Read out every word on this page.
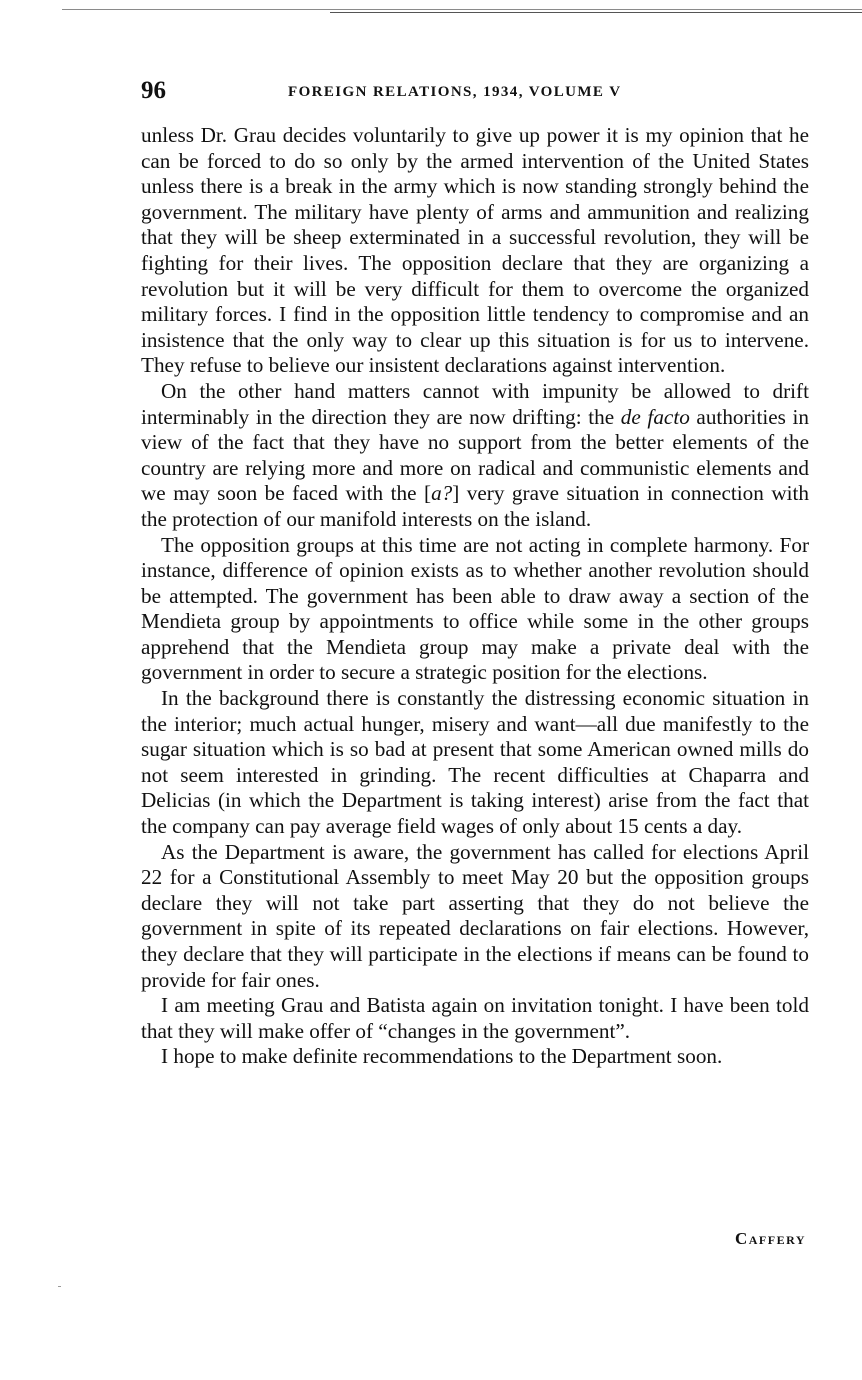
96	FOREIGN RELATIONS, 1934, VOLUME V

unless Dr. Grau decides voluntarily to give up power it is my opinion that he can be forced to do so only by the armed intervention of the United States unless there is a break in the army which is now standing strongly behind the government. The military have plenty of arms and ammunition and realizing that they will be sheep exterminated in a successful revolution, they will be fighting for their lives. The opposition declare that they are organizing a revolution but it will be very difficult for them to overcome the organized military forces. I find in the opposition little tendency to compromise and an insistence that the only way to clear up this situation is for us to intervene. They refuse to believe our insistent declarations against intervention.

On the other hand matters cannot with impunity be allowed to drift interminably in the direction they are now drifting: the de facto authorities in view of the fact that they have no support from the better elements of the country are relying more and more on radical and communistic elements and we may soon be faced with the [a?] very grave situation in connection with the protection of our manifold interests on the island.

The opposition groups at this time are not acting in complete harmony. For instance, difference of opinion exists as to whether another revolution should be attempted. The government has been able to draw away a section of the Mendieta group by appointments to office while some in the other groups apprehend that the Mendieta group may make a private deal with the government in order to secure a strategic position for the elections.

In the background there is constantly the distressing economic situation in the interior; much actual hunger, misery and want—all due manifestly to the sugar situation which is so bad at present that some American owned mills do not seem interested in grinding. The recent difficulties at Chaparra and Delicias (in which the Department is taking interest) arise from the fact that the company can pay average field wages of only about 15 cents a day.

As the Department is aware, the government has called for elections April 22 for a Constitutional Assembly to meet May 20 but the opposition groups declare they will not take part asserting that they do not believe the government in spite of its repeated declarations on fair elections. However, they declare that they will participate in the elections if means can be found to provide for fair ones.

I am meeting Grau and Batista again on invitation tonight. I have been told that they will make offer of “changes in the government”.

I hope to make definite recommendations to the Department soon.

Caffery
